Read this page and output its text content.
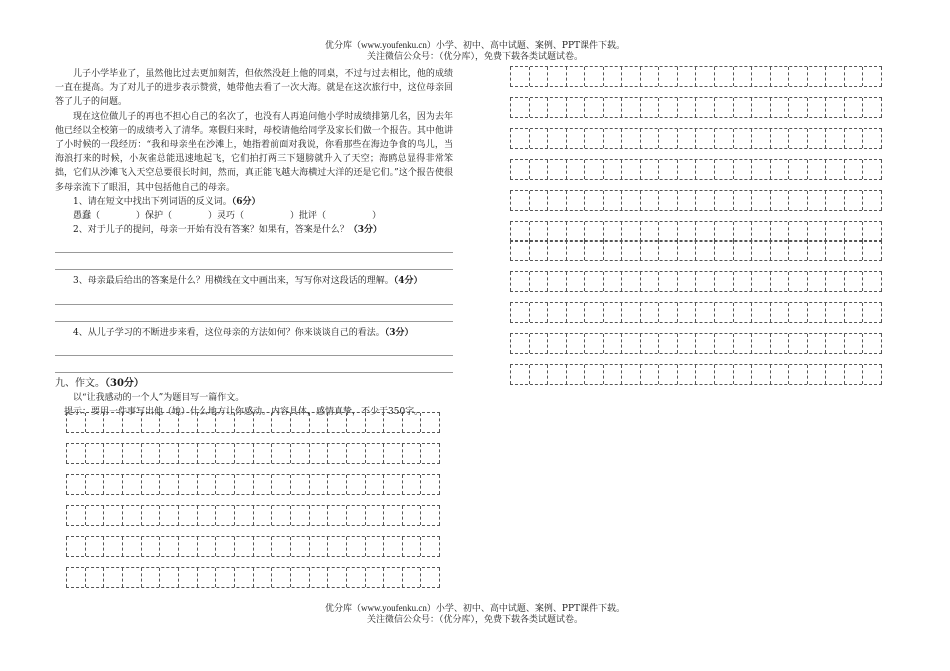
优分库（www.youfenku.cn）小学、初中、高中试题、案例、PPT课件下载。
关注微信公众号：（优分库），免费下载各类试题试卷。

儿子小学毕业了，虽然他比过去更加刻苦，但依然没赶上他的同桌，不过与过去相比，他的成绩一直在提高。为了对儿子的进步表示赞赏，她带他去看了一次大海。就是在这次旅行中，这位母亲回答了儿子的问题。

现在这位做儿子的再也不担心自己的名次了，也没有人再追问他小学时成绩排第几名，因为去年他已经以全校第一的成绩考入了清华。寒假归来时，母校请他给同学及家长们做一个报告。其中他讲了小时候的一段经历：“我和母亲坐在沙滩上，她指着前面对我说，你看那些在海边争食的鸟儿，当海浪打来的时候，小灰雀总能迅速地起飞，它们拍打两三下翅膀就升入了天空；海鸥总显得非常笨拙，它们从沙滩飞入天空总要很长时间，然而，真正能飞越大海横过大洋的还是它们。”这个报告使很多母亲流下了眼泪，其中包括他自己的母亲。

1、请在短文中找出下列词语的反义词。（6分）
愚蠢（	）保护（	）灵巧（	）批评（	）
2、对于儿子的提问，母亲一开始有没有答案？如果有，答案是什么？（3分）
3、母亲最后给出的答案是什么？用横线在文中画出来，写写你对这段话的理解。（4分）
4、从儿子学习的不断进步来看，这位母亲的方法如何？你来谈谈自己的看法。（3分）
九、作文。（30分）
以“让我感动的一个人”为题目写一篇作文。
提示：要用一件事写出他（她）什么地方让你感动。内容具体，感情真挚，不少于350字。
优分库（www.youfenku.cn）小学、初中、高中试题、案例、PPT课件下载。
关注微信公众号：（优分库），免费下载各类试题试卷。
